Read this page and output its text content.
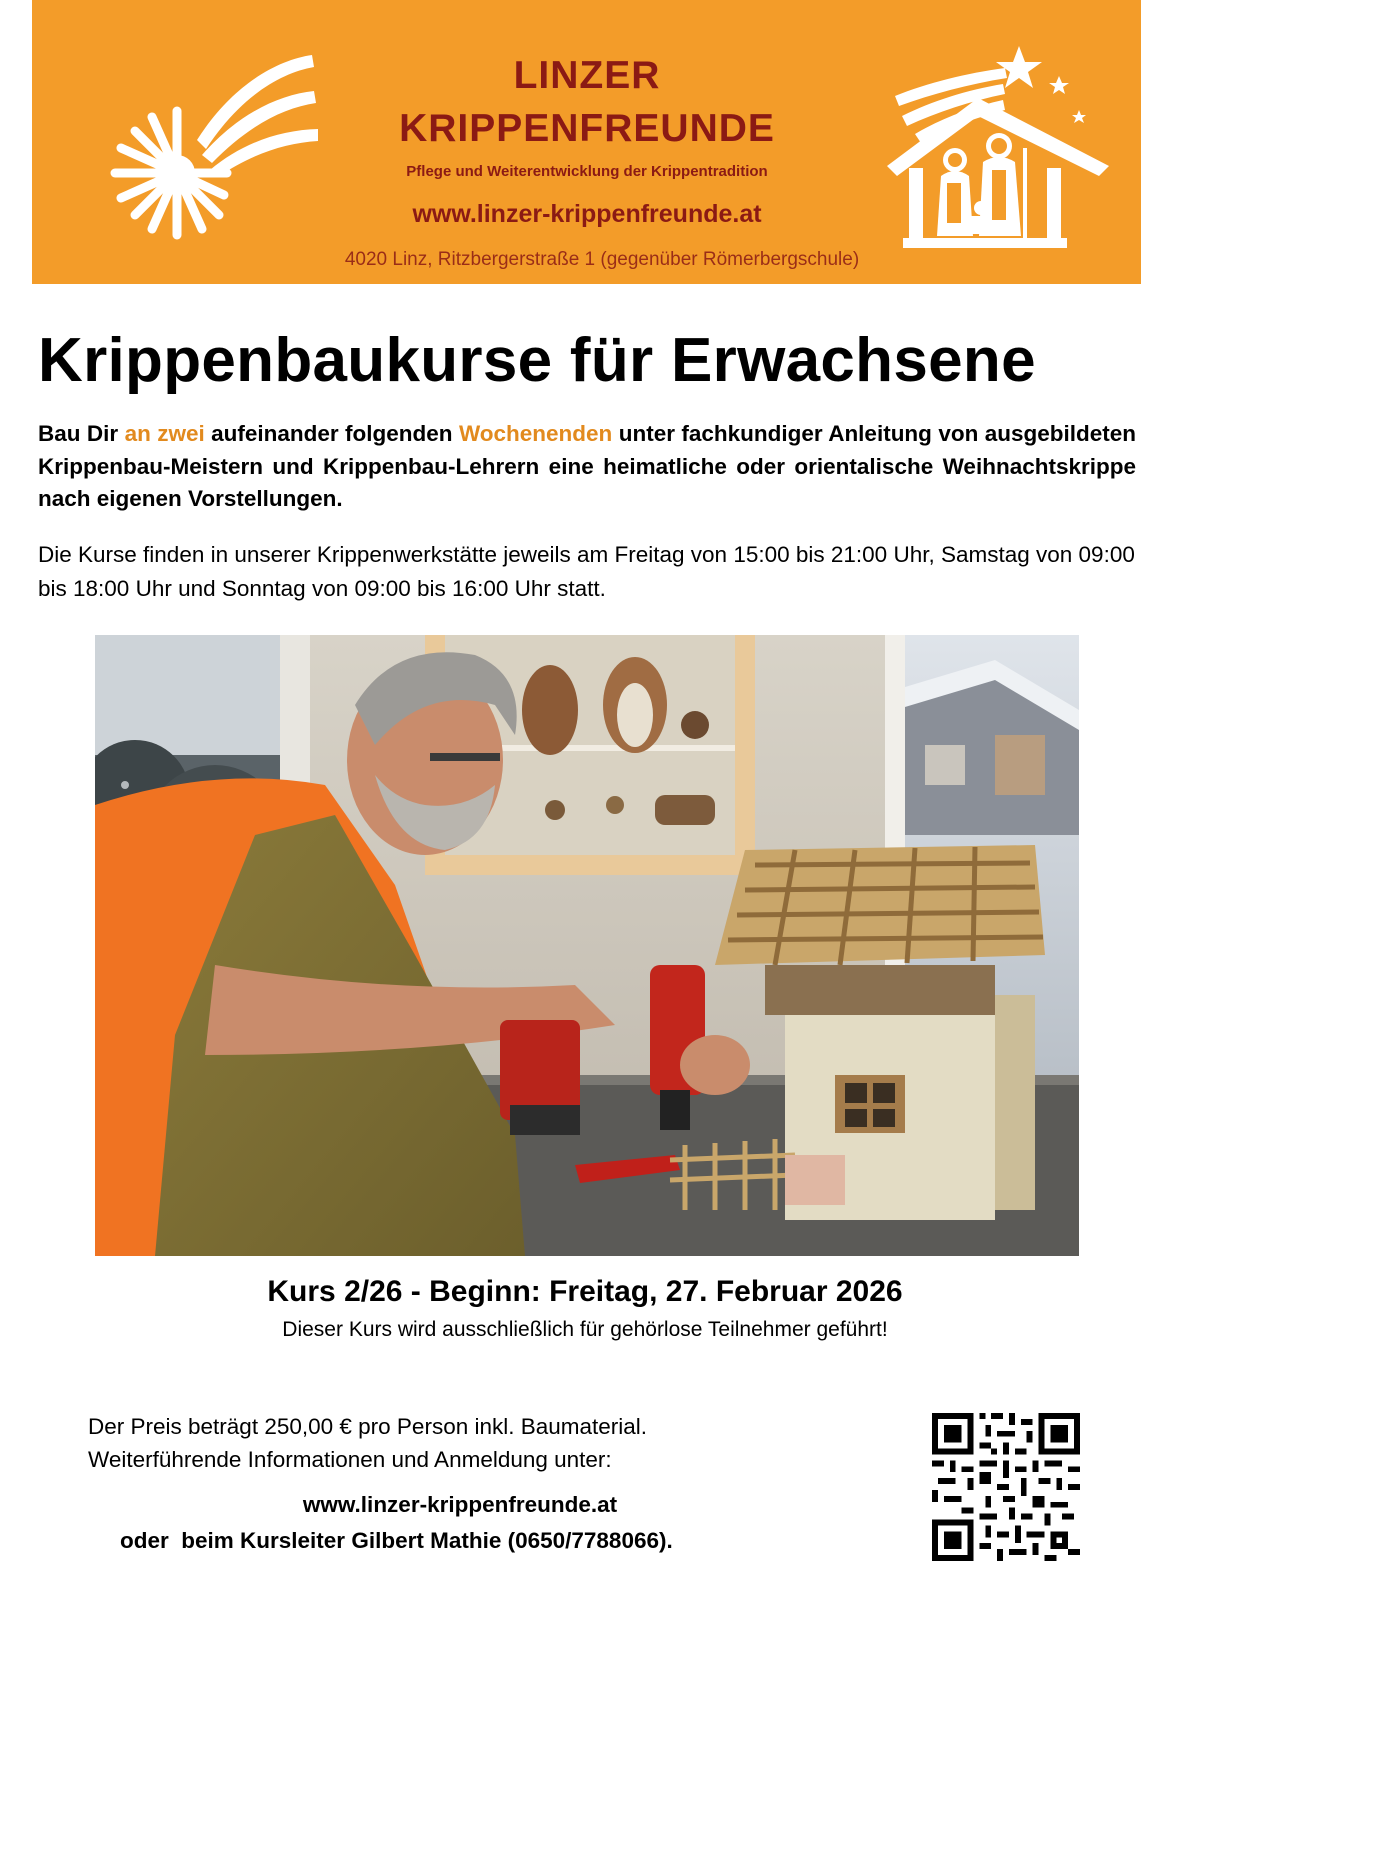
LINZER
KRIPPENFREUNDE
Pflege und Weiterentwicklung der Krippentradition
www.linzer-krippenfreunde.at
4020 Linz, Ritzbergerstraße 1 (gegenüber Römerbergschule)
Krippenbaukurse für Erwachsene

Bau Dir an zwei aufeinander folgenden Wochenenden unter fachkundiger Anleitung von ausgebildeten Krippenbau-Meistern und Krippenbau-Lehrern eine heimatliche oder orientalische Weihnachtskrippe nach eigenen Vorstellungen.

Die Kurse finden in unserer Krippenwerkstätte jeweils am Freitag von 15:00 bis 21:00 Uhr, Samstag von 09:00 bis 18:00 Uhr und Sonntag von 09:00 bis 16:00 Uhr statt.

Kurs 2/26 - Beginn: Freitag, 27. Februar 2026

Dieser Kurs wird ausschließlich für gehörlose Teilnehmer geführt!

Der Preis beträgt 250,00 € pro Person inkl. Baumaterial.
Weiterführende Informationen und Anmeldung unter:

www.linzer-krippenfreunde.at

oder  beim Kursleiter Gilbert Mathie (0650/7788066).
